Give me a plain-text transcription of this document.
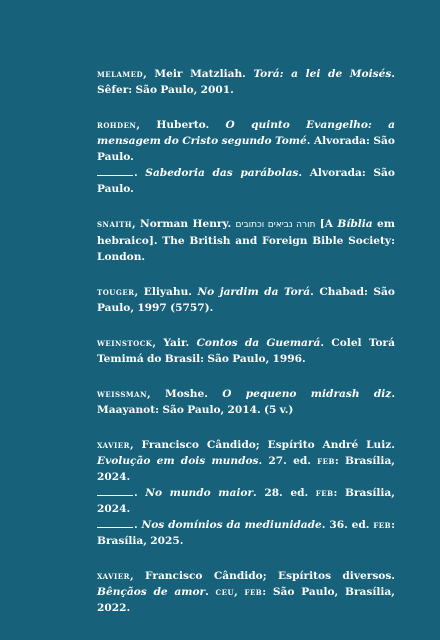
melamed, Meir Matzliah. Torá: a lei de Moisés. Sêfer: São Paulo, 2001.

rohden, Huberto. O quinto Evangelho: a mensagem do Cristo segundo Tomé. Alvorada: São Paulo.
. Sabedoria das parábolas. Alvorada: São Paulo.

snaith, Norman Henry. תורה נביאים וכתובים [A Bíblia em hebraico]. The British and Foreign Bible Society: London.

touger, Eliyahu. No jardim da Torá. Chabad: São Paulo, 1997 (5757).

weinstock, Yair. Contos da Guemará. Colel Torá Temimá do Brasil: São Paulo, 1996.

weissman, Moshe. O pequeno midrash diz. Maayanot: São Paulo, 2014. (5 v.)

xavier, Francisco Cândido; Espírito André Luiz. Evolução em dois mundos. 27. ed. feb: Brasília, 2024.
. No mundo maior. 28. ed. feb: Brasília, 2024.
. Nos domínios da mediunidade. 36. ed. feb: Brasília, 2025.

xavier, Francisco Cândido; Espíritos diversos. Bênçãos de amor. ceu, feb: São Paulo, Brasília, 2022.
